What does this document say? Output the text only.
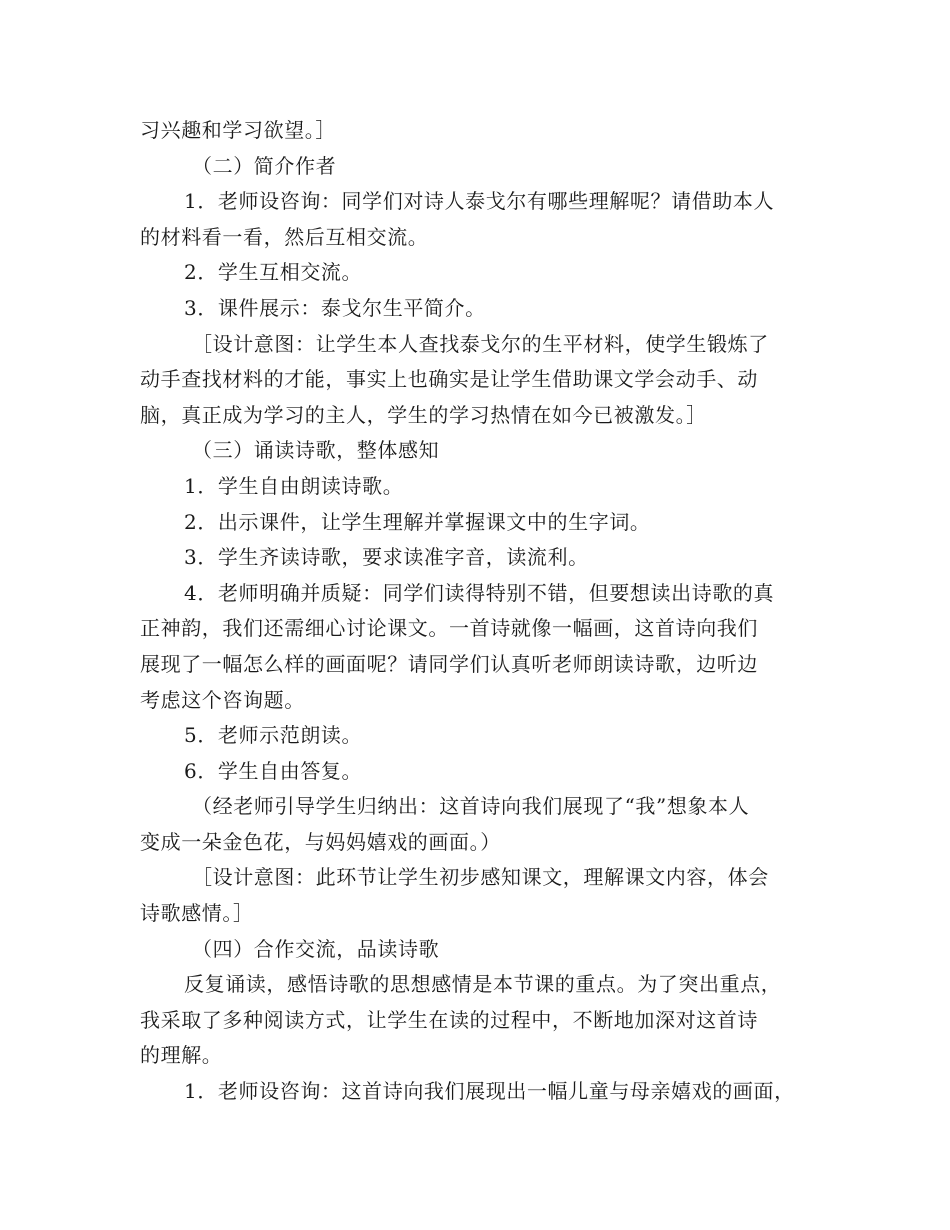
习兴趣和学习欲望。］
（二）简介作者
1．老师设咨询：同学们对诗人泰戈尔有哪些理解呢？请借助本人
的材料看一看，然后互相交流。
2．学生互相交流。
3．课件展示：泰戈尔生平简介。
［设计意图：让学生本人查找泰戈尔的生平材料，使学生锻炼了
动手查找材料的才能，事实上也确实是让学生借助课文学会动手、动
脑，真正成为学习的主人，学生的学习热情在如今已被激发。］
（三）诵读诗歌，整体感知
1．学生自由朗读诗歌。
2．出示课件，让学生理解并掌握课文中的生字词。
3．学生齐读诗歌，要求读准字音，读流利。
4．老师明确并质疑：同学们读得特别不错，但要想读出诗歌的真
正神韵，我们还需细心讨论课文。一首诗就像一幅画，这首诗向我们
展现了一幅怎么样的画面呢？请同学们认真听老师朗读诗歌，边听边
考虑这个咨询题。
5．老师示范朗读。
6．学生自由答复。
（经老师引导学生归纳出：这首诗向我们展现了“我”想象本人
变成一朵金色花，与妈妈嬉戏的画面。）
［设计意图：此环节让学生初步感知课文，理解课文内容，体会
诗歌感情。］
（四）合作交流，品读诗歌
反复诵读，感悟诗歌的思想感情是本节课的重点。为了突出重点，
我采取了多种阅读方式，让学生在读的过程中，不断地加深对这首诗
的理解。
1．老师设咨询：这首诗向我们展现出一幅儿童与母亲嬉戏的画面，
